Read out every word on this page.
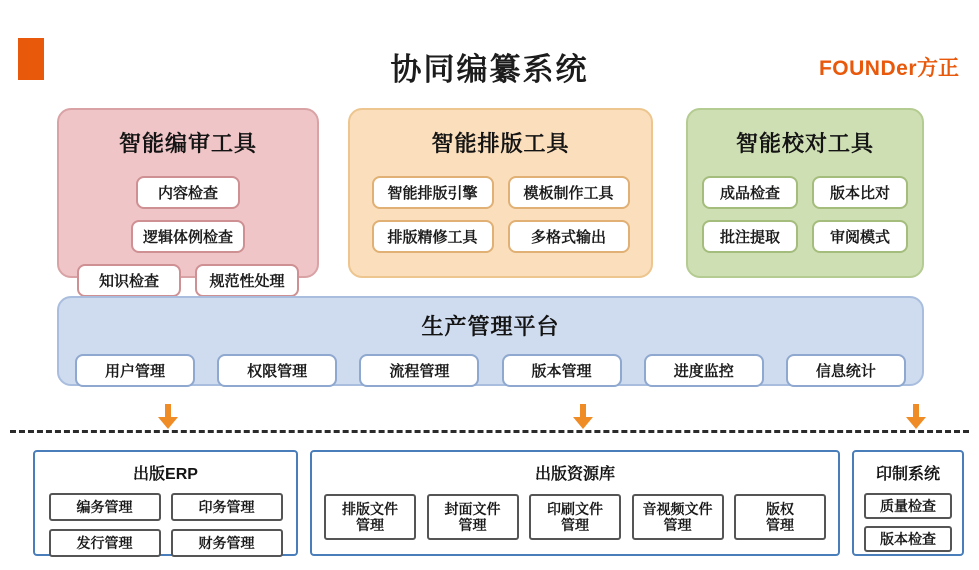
协同编纂系统	FOUNDer方正
智能编审工具
内容检查
逻辑体例检查
知识检查	规范性处理
智能排版工具
智能排版引擎	模板制作工具
排版精修工具	多格式输出
智能校对工具
成品检查	版本比对
批注提取	审阅模式
生产管理平台
用户管理	权限管理	流程管理	版本管理	进度监控	信息统计
出版ERP
编务管理	印务管理
发行管理	财务管理
出版资源库
排版文件
管理
封面文件
管理
印刷文件
管理
音视频文件
管理
版权
管理
印制系统
质量检查
版本检查
